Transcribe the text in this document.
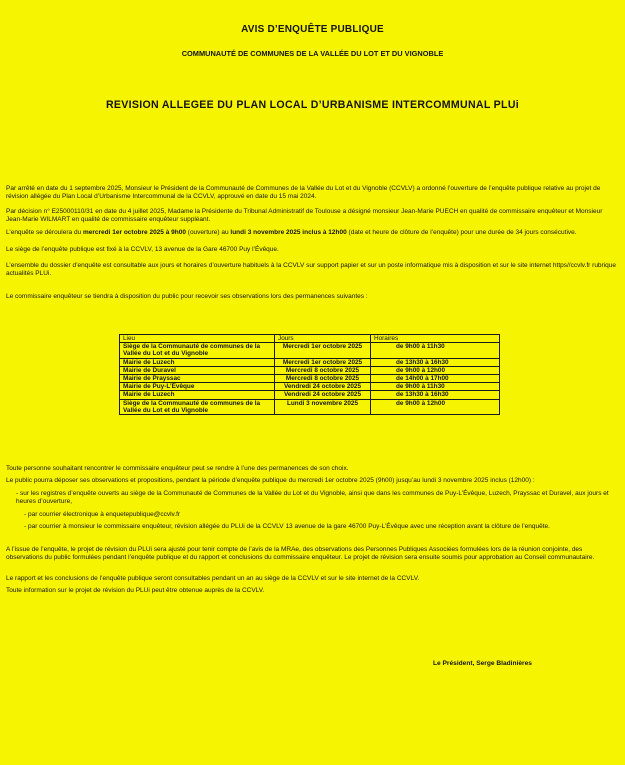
AVIS D’ENQUÊTE PUBLIQUE
COMMUNAUTÉ DE COMMUNES DE LA VALLÉE DU LOT ET DU VIGNOBLE
REVISION ALLEGEE DU PLAN LOCAL D’URBANISME INTERCOMMUNAL PLUi
Par arrêté en date du 1 septembre 2025, Monsieur le Président de la Communauté de Communes de la Vallée du Lot et du Vignoble (CCVLV) a ordonné l’ouverture de l’enquête publique relative au projet de révision allégée du Plan Local d’Urbanisme Intercommunal de la CCVLV, approuvé en date du 15 mai 2024.
Par décision n° E25000110/31 en date du 4 juillet 2025, Madame la Présidente du Tribunal Administratif de Toulouse a désigné monsieur Jean-Marie PUECH en qualité de commissaire enquêteur et Monsieur Jean-Marie WILMART en qualité de commissaire enquêteur suppléant.
L’enquête se déroulera du mercredi 1er octobre 2025 à 9h00 (ouverture) au lundi 3 novembre 2025 inclus à 12h00 (date et heure de clôture de l’enquête) pour une durée de 34 jours consécutive.
Le siège de l’enquête publique est fixé à la CCVLV, 13 avenue de la Gare 46700 Puy l’Évêque.
L’ensemble du dossier d’enquête est consultable aux jours et horaires d’ouverture habituels à la CCVLV sur support papier et sur un poste informatique mis à disposition et sur le site internet https//ccvlv.fr rubrique actualités PLUi.
Le commissaire enquêteur se tiendra à disposition du public pour recevoir ses observations lors des permanences suivantes :
Lieu	Jours	Horaires
Siège de la Communauté de communes de la Vallée du Lot et du Vignoble	Mercredi 1er octobre 2025	de 9h00 à 11h30
Mairie de Luzech	Mercredi 1er octobre 2025	de 13h30 à 16h30
Mairie de Duravel	Mercredi 8 octobre 2025	de 9h00 à 12h00
Mairie de Prayssac	Mercredi 8 octobre 2025	de 14h00 à 17h00
Mairie de Puy-L’Évêque	Vendredi 24 octobre 2025	de 9h00 à 11h30
Mairie de Luzech	Vendredi 24 octobre 2025	de 13h30 à 16h30
Siège de la Communauté de communes de la Vallée du Lot et du Vignoble	Lundi 3 novembre 2025	de 9h00 à 12h00
Toute personne souhaitant rencontrer le commissaire enquêteur peut se rendre à l’une des permanences de son choix.
Le public pourra déposer ses observations et propositions, pendant la période d’enquête publique du mercredi 1er octobre 2025 (9h00) jusqu’au lundi 3 novembre 2025 inclus (12h00) :
- sur les registres d’enquête ouverts au siège de la Communauté de Communes de la Vallée du Lot et du Vignoble, ainsi que dans les communes de Puy-L’Évêque, Luzech, Prayssac et Duravel, aux jours et heures d’ouverture,
- par courrier électronique à enquetepublique@ccvlv.fr
- par courrier à monsieur le commissaire enquêteur, révision allégée du PLUi de la CCVLV 13 avenue de la gare 46700 Puy-L’Évêque avec une réception avant la clôture de l’enquête.
A l’issue de l’enquête, le projet de révision du PLUi sera ajusté pour tenir compte de l’avis de la MRAe, des observations des Personnes Publiques Associées formulées lors de la réunion conjointe, des observations du public formulées pendant l’enquête publique et du rapport et conclusions du commissaire enquêteur. Le projet de révision sera ensuite soumis pour approbation au Conseil communautaire.
Le rapport et les conclusions de l’enquête publique seront consultables pendant un an au siège de la CCVLV et sur le site internet de la CCVLV.
Toute information sur le projet de révision du PLUi peut être obtenue auprès de la CCVLV.
Le Président, Serge Bladinières
